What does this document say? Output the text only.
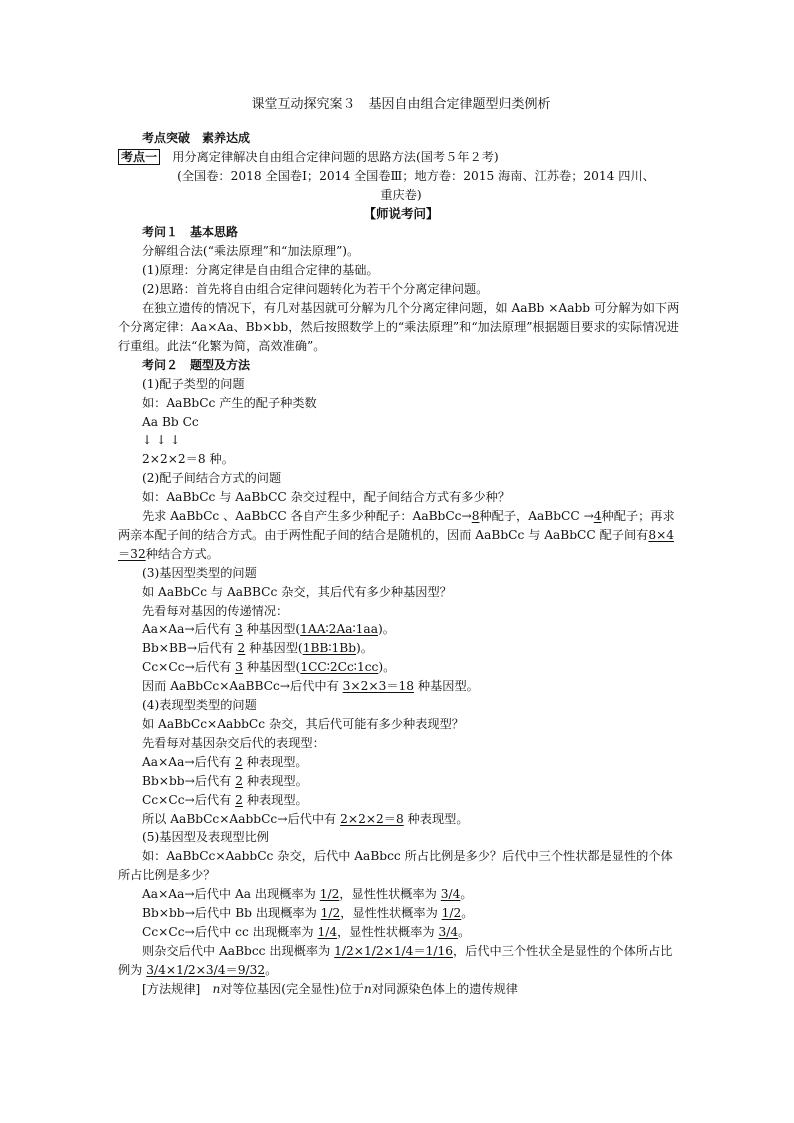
课堂互动探究案３　基因自由组合定律题型归类例析

考点突破　素养达成

考点一　 用分离定律解决自由组合定律问题的思路方法(国考５年２考)

(全国卷：2018 全国卷Ⅰ；2014 全国卷Ⅲ；地方卷：2015 海南、江苏卷；2014 四川、

重庆卷)

【师说考问】

考问１　基本思路

分解组合法(“乘法原理”和“加法原理”)。

(1)原理：分离定律是自由组合定律的基础。

(2)思路：首先将自由组合定律问题转化为若干个分离定律问题。

在独立遗传的情况下，有几对基因就可分解为几个分离定律问题，如 AaBb ×Aabb 可分解为如下两个分离定律：Aa×Aa、Bb×bb，然后按照数学上的“乘法原理”和“加法原理”根据题目要求的实际情况进行重组。此法“化繁为简，高效准确”。

考问２　题型及方法

(1)配子类型的问题

如：AaBbCc 产生的配子种类数

Aa Bb Cc

↓ ↓ ↓

2×2×2＝8 种。

(2)配子间结合方式的问题

如：AaBbCc 与 AaBbCC 杂交过程中，配子间结合方式有多少种？

先求 AaBbCc 、AaBbCC 各自产生多少种配子：AaBbCc→8种配子，AaBbCC →4种配子；再求两亲本配子间的结合方式。由于两性配子间的结合是随机的，因而 AaBbCc 与 AaBbCC 配子间有8×4＝32种结合方式。

(3)基因型类型的问题

如 AaBbCc 与 AaBBCc 杂交，其后代有多少种基因型？

先看每对基因的传递情况：

Aa×Aa→后代有 3 种基因型(1AA∶2Aa∶1aa)。

Bb×BB→后代有 2 种基因型(1BB∶1Bb)。

Cc×Cc→后代有 3 种基因型(1CC∶2Cc∶1cc)。

因而 AaBbCc×AaBBCc→后代中有 3×2×3＝18 种基因型。

(4)表现型类型的问题

如 AaBbCc×AabbCc 杂交，其后代可能有多少种表现型？

先看每对基因杂交后代的表现型：

Aa×Aa→后代有 2 种表现型。

Bb×bb→后代有 2 种表现型。

Cc×Cc→后代有 2 种表现型。

所以 AaBbCc×AabbCc→后代中有 2×2×2＝8 种表现型。

(5)基因型及表现型比例

如：AaBbCc×AabbCc 杂交，后代中 AaBbcc 所占比例是多少？后代中三个性状都是显性的个体所占比例是多少？

Aa×Aa→后代中 Aa 出现概率为 1/2，显性性状概率为 3/4。

Bb×bb→后代中 Bb 出现概率为 1/2，显性性状概率为 1/2。

Cc×Cc→后代中 cc 出现概率为 1/4，显性性状概率为 3/4。

则杂交后代中 AaBbcc 出现概率为 1/2×1/2×1/4＝1/16，后代中三个性状全是显性的个体所占比例为 3/4×1/2×3/4＝9/32。

[方法规律]　 n对等位基因(完全显性)位于n对同源染色体上的遗传规律
